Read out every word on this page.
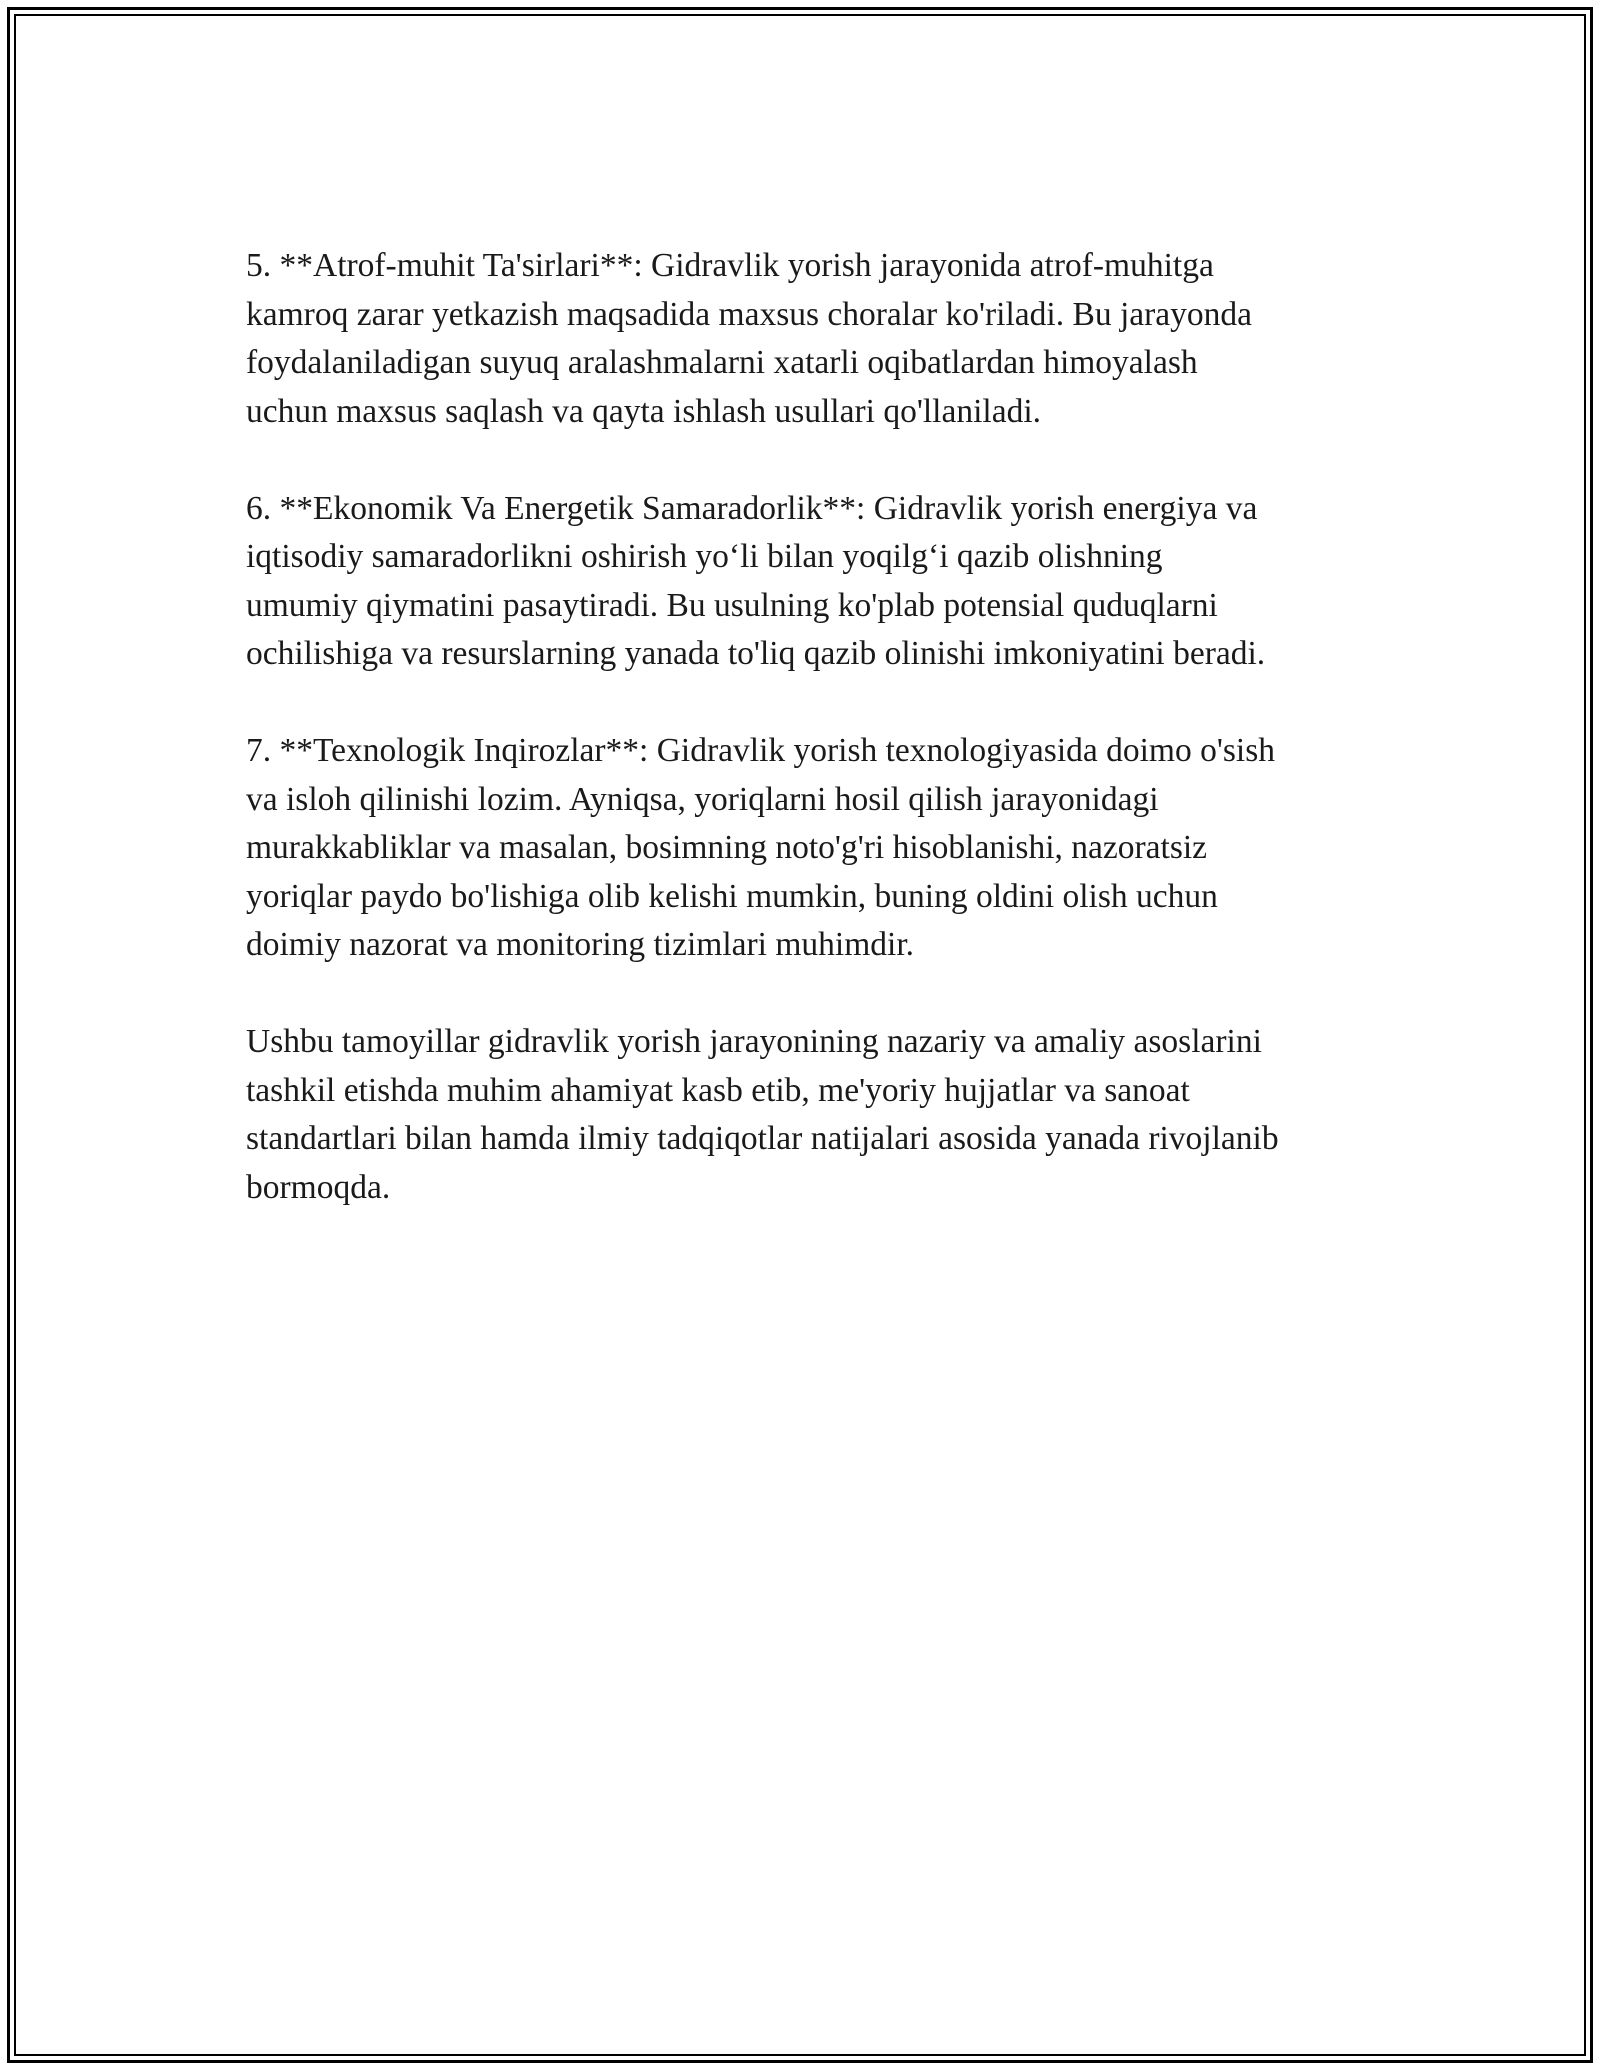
5. **Atrof-muhit Ta'sirlari**: Gidravlik yorish jarayonida atrof-muhitga
kamroq zarar yetkazish maqsadida maxsus choralar ko'riladi. Bu jarayonda
foydalaniladigan suyuq aralashmalarni xatarli oqibatlardan himoyalash
uchun maxsus saqlash va qayta ishlash usullari qo'llaniladi.

6. **Ekonomik Va Energetik Samaradorlik**: Gidravlik yorish energiya va
iqtisodiy samaradorlikni oshirish yo‘li bilan yoqilg‘i qazib olishning
umumiy qiymatini pasaytiradi. Bu usulning ko'plab potensial quduqlarni
ochilishiga va resurslarning yanada to'liq qazib olinishi imkoniyatini beradi.

7. **Texnologik Inqirozlar**: Gidravlik yorish texnologiyasida doimo o'sish
va isloh qilinishi lozim. Ayniqsa, yoriqlarni hosil qilish jarayonidagi
murakkabliklar va masalan, bosimning noto'g'ri hisoblanishi, nazoratsiz
yoriqlar paydo bo'lishiga olib kelishi mumkin, buning oldini olish uchun
doimiy nazorat va monitoring tizimlari muhimdir.

Ushbu tamoyillar gidravlik yorish jarayonining nazariy va amaliy asoslarini
tashkil etishda muhim ahamiyat kasb etib, me'yoriy hujjatlar va sanoat
standartlari bilan hamda ilmiy tadqiqotlar natijalari asosida yanada rivojlanib
bormoqda.
